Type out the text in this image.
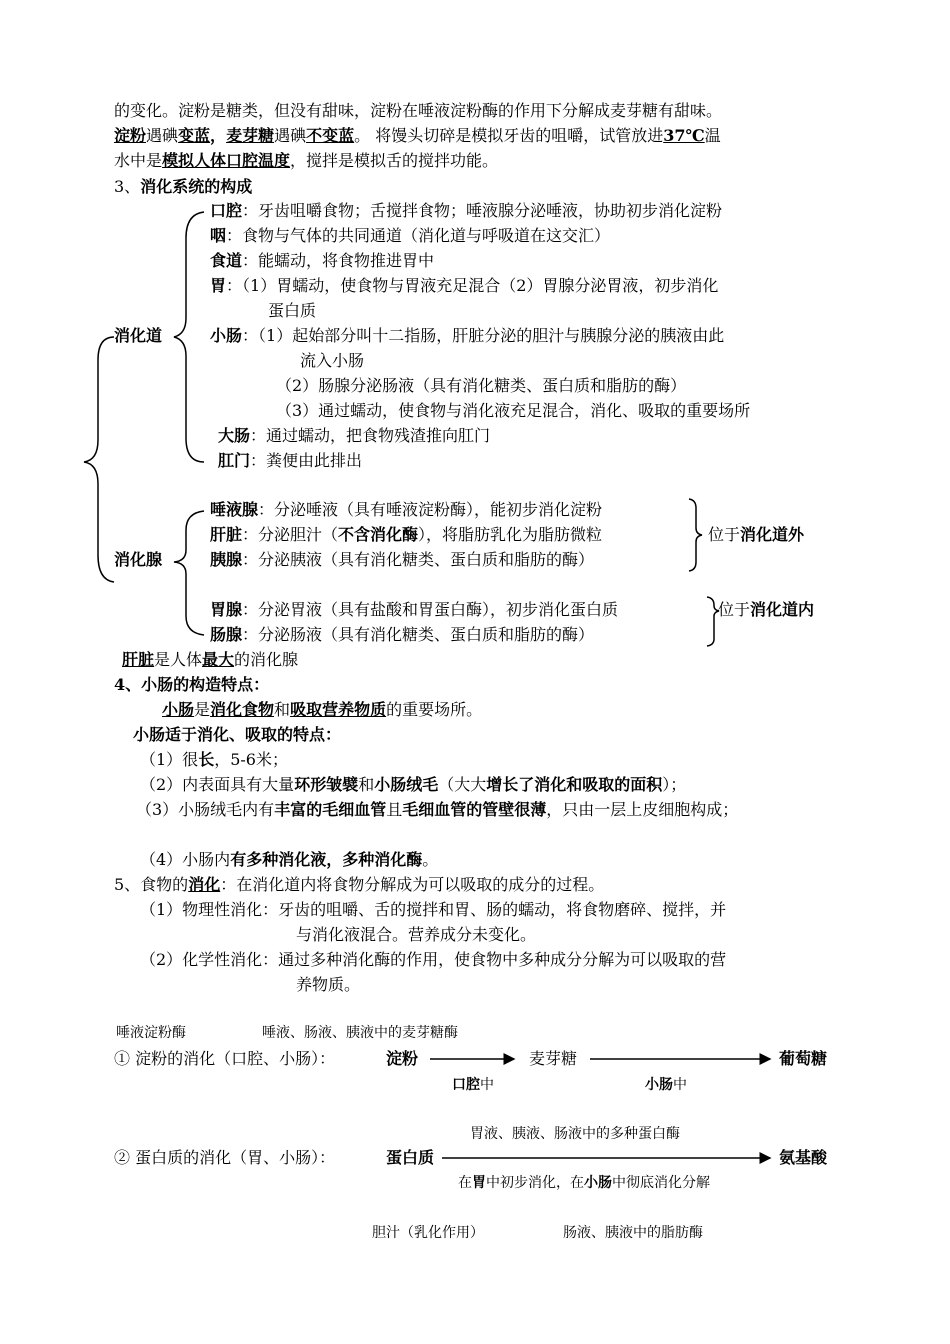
的变化。淀粉是糖类，但没有甜味，淀粉在唾液淀粉酶的作用下分解成麦芽糖有甜味。
淀粉遇碘变蓝，麦芽糖遇碘不变蓝。 将馒头切碎是模拟牙齿的咀嚼，试管放进37℃温
水中是模拟人体口腔温度，搅拌是模拟舌的搅拌功能。
3、消化系统的构成
口腔：牙齿咀嚼食物；舌搅拌食物；唾液腺分泌唾液，协助初步消化淀粉
咽：食物与气体的共同通道（消化道与呼吸道在这交汇）
食道：能蠕动，将食物推进胃中
胃：（1）胃蠕动，使食物与胃液充足混合（2）胃腺分泌胃液，初步消化
蛋白质
消化道	小肠：（1）起始部分叫十二指肠，肝脏分泌的胆汁与胰腺分泌的胰液由此
流入小肠
（2）肠腺分泌肠液（具有消化糖类、蛋白质和脂肪的酶）
（3）通过蠕动，使食物与消化液充足混合，消化、吸取的重要场所
大肠：通过蠕动，把食物残渣推向肛门
肛门：粪便由此排出
唾液腺：分泌唾液（具有唾液淀粉酶），能初步消化淀粉
肝脏：分泌胆汁（不含消化酶），将脂肪乳化为脂肪微粒	位于消化道外
消化腺	胰腺：分泌胰液（具有消化糖类、蛋白质和脂肪的酶）
胃腺：分泌胃液（具有盐酸和胃蛋白酶），初步消化蛋白质	位于消化道内
肠腺：分泌肠液（具有消化糖类、蛋白质和脂肪的酶）
肝脏是人体最大的消化腺
4、小肠的构造特点：
小肠是消化食物和吸取营养物质的重要场所。
小肠适于消化、吸取的特点：
（1）很长，5-6米；
（2）内表面具有大量环形皱襞和小肠绒毛（大大增长了消化和吸取的面积）；
（3）小肠绒毛内有丰富的毛细血管且毛细血管的管壁很薄，只由一层上皮细胞构成；
（4）小肠内有多种消化液，多种消化酶。
5、食物的消化：在消化道内将食物分解成为可以吸取的成分的过程。
（1）物理性消化：牙齿的咀嚼、舌的搅拌和胃、肠的蠕动，将食物磨碎、搅拌，并
与消化液混合。营养成分未变化。
（2）化学性消化：通过多种消化酶的作用，使食物中多种成分分解为可以吸取的营
养物质。
唾液淀粉酶	唾液、肠液、胰液中的麦芽糖酶
① 淀粉的消化（口腔、小肠）：	淀粉	麦芽糖	葡萄糖
口腔中	小肠中
胃液、胰液、肠液中的多种蛋白酶
② 蛋白质的消化（胃、小肠）：	蛋白质	氨基酸
在胃中初步消化，在小肠中彻底消化分解
胆汁（乳化作用）	肠液、胰液中的脂肪酶
